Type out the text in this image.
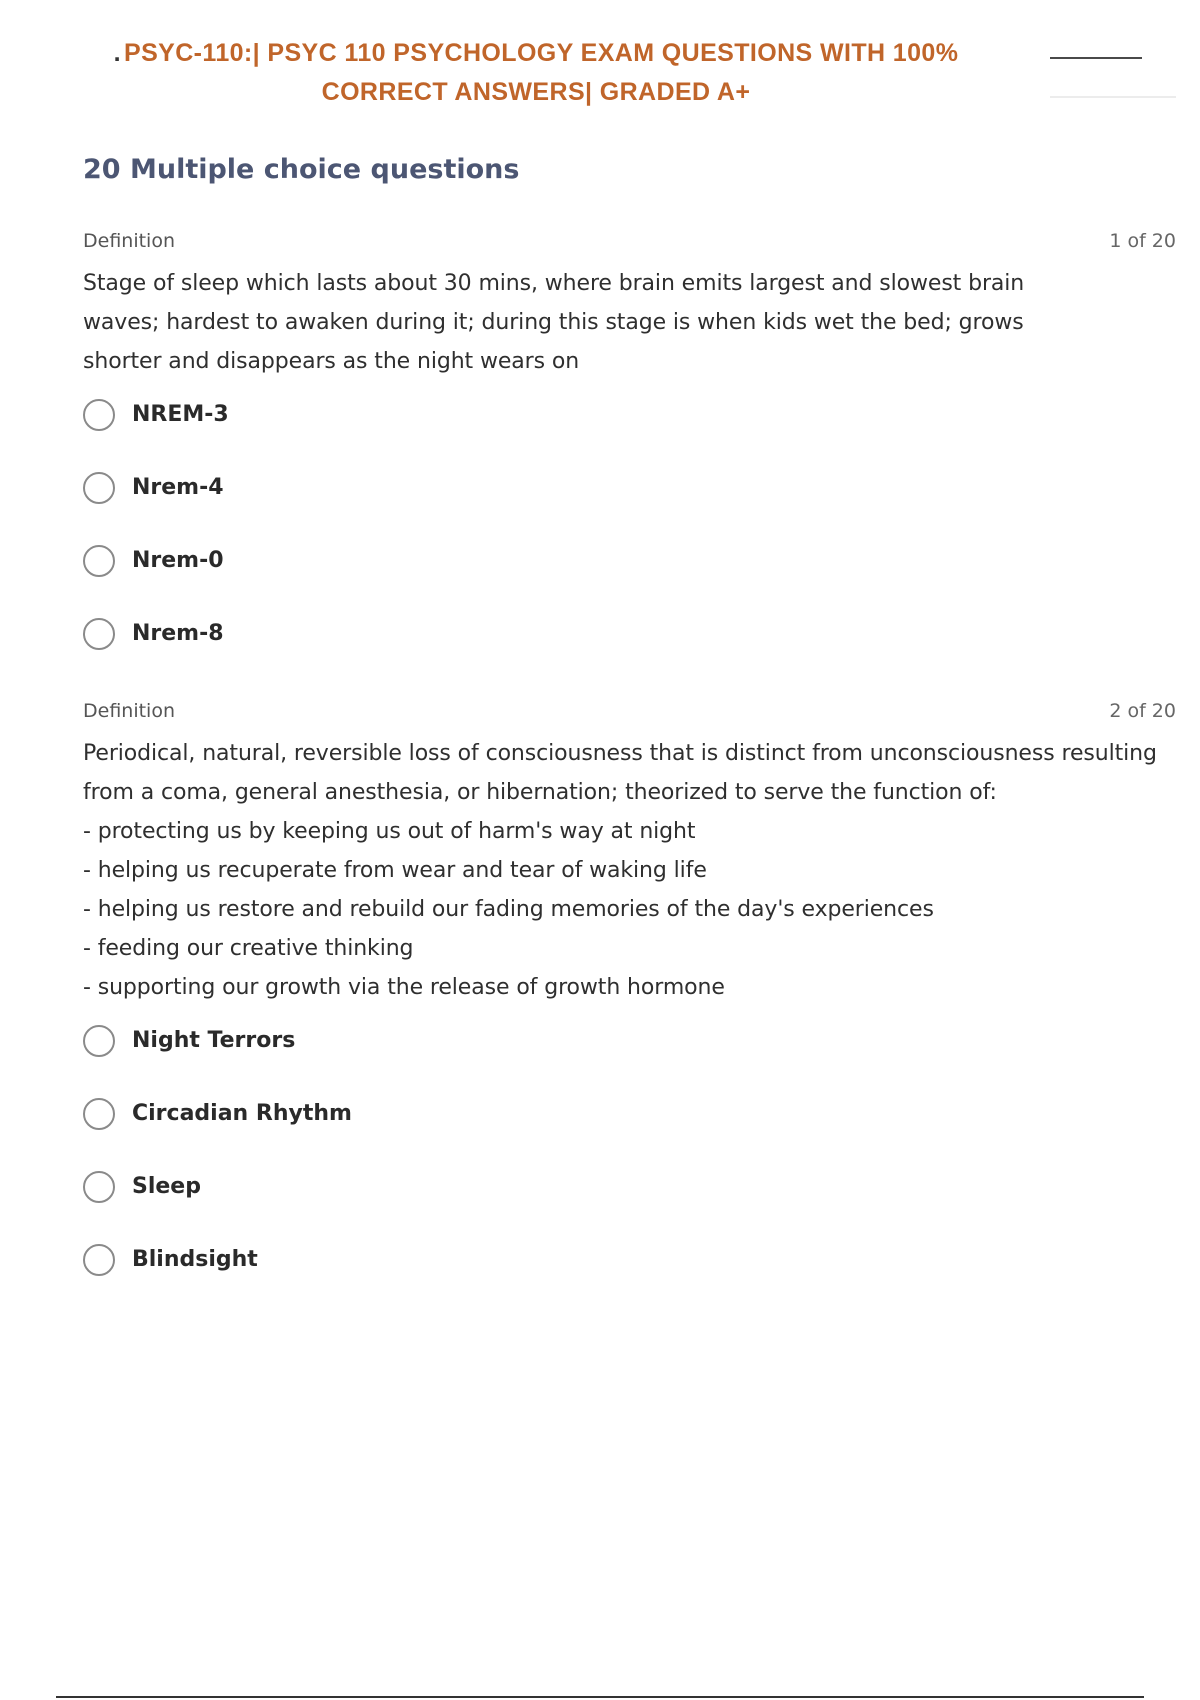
. PSYC-110:| PSYC 110 PSYCHOLOGY EXAM QUESTIONS WITH 100% CORRECT ANSWERS| GRADED A+
20 Multiple choice questions
Definition	1 of 20

Stage of sleep which lasts about 30 mins, where brain emits largest and slowest brain waves; hardest to awaken during it; during this stage is when kids wet the bed; grows shorter and disappears as the night wears on

NREM-3
Nrem-4
Nrem-0
Nrem-8
Definition	2 of 20

Periodical, natural, reversible loss of consciousness that is distinct from unconsciousness resulting from a coma, general anesthesia, or hibernation; theorized to serve the function of:

- protecting us by keeping us out of harm's way at night

- helping us recuperate from wear and tear of waking life

- helping us restore and rebuild our fading memories of the day's experiences

- feeding our creative thinking

- supporting our growth via the release of growth hormone

Night Terrors
Circadian Rhythm
Sleep
Blindsight
